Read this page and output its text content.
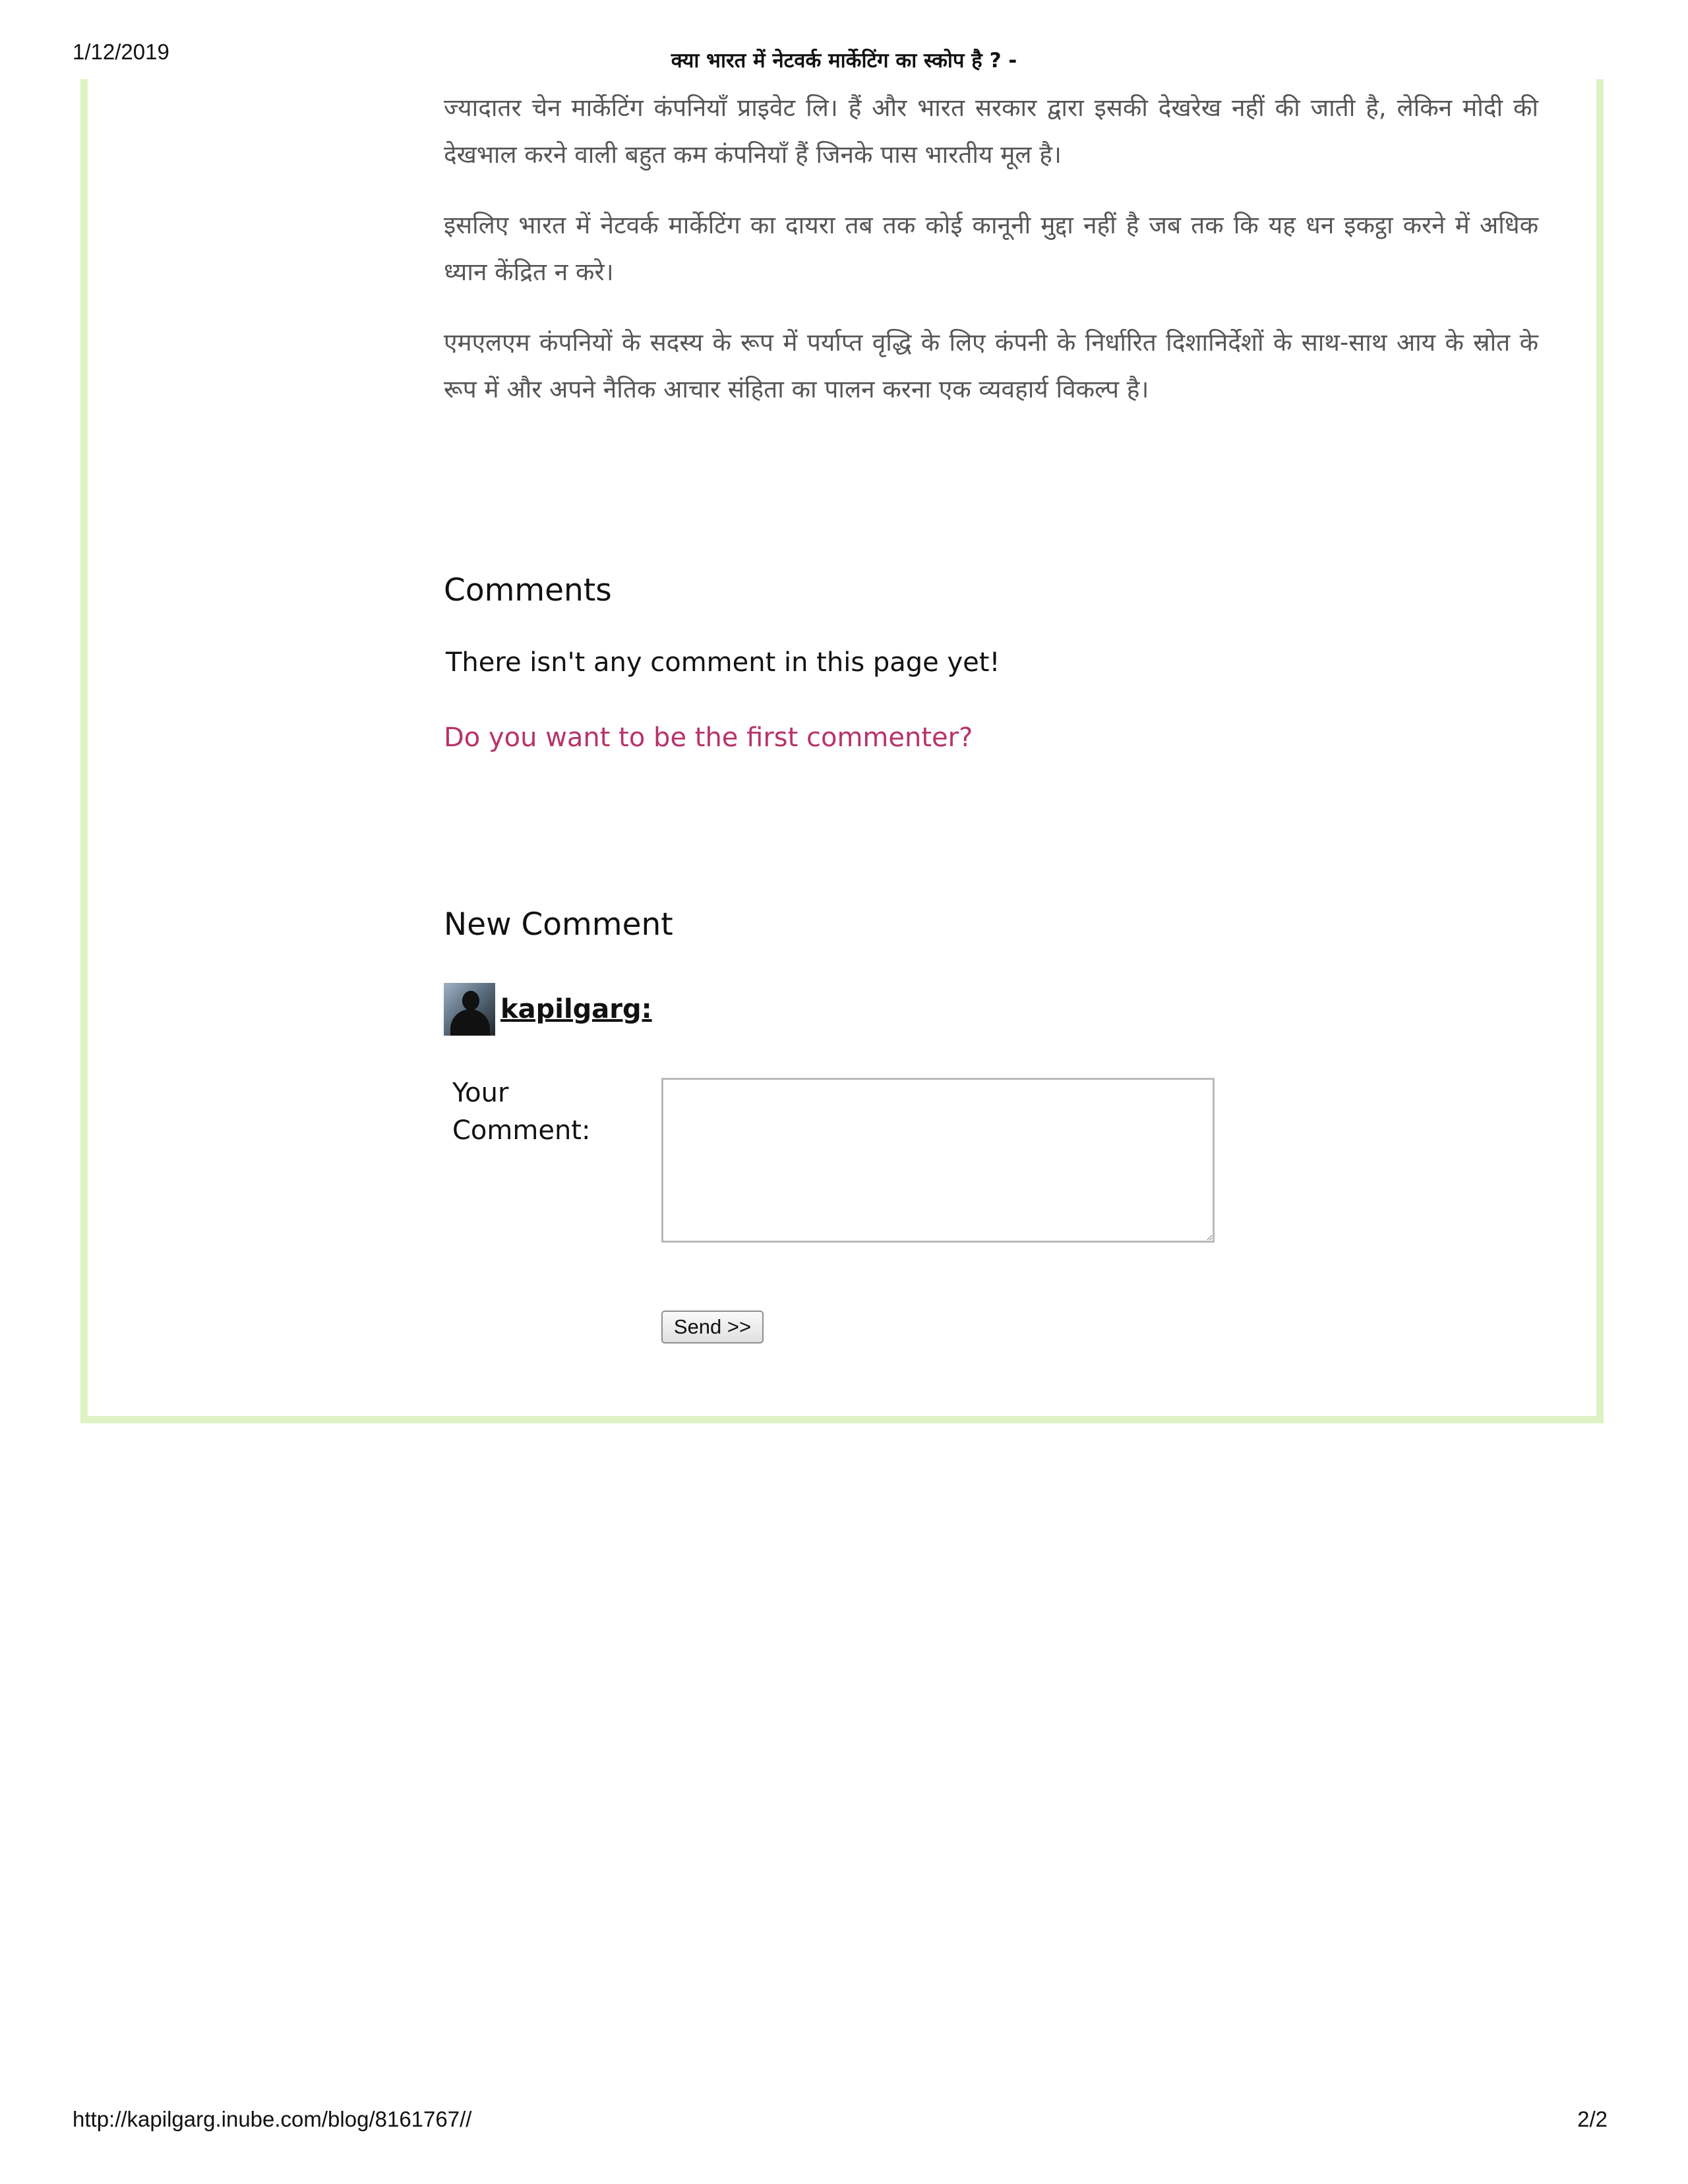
1/12/2019	क्या भारत में नेटवर्क मार्केटिंग का स्कोप है ? -

ज्यादातर चेन मार्केटिंग कंपनियाँ प्राइवेट लि। हैं और भारत सरकार द्वारा इसकी देखरेख नहीं की जाती है, लेकिन मोदी की देखभाल करने वाली बहुत कम कंपनियाँ हैं जिनके पास भारतीय मूल है।

इसलिए भारत में नेटवर्क मार्केटिंग का दायरा तब तक कोई कानूनी मुद्दा नहीं है जब तक कि यह धन इकट्ठा करने में अधिक ध्यान केंद्रित न करे।

एमएलएम कंपनियों के सदस्य के रूप में पर्याप्त वृद्धि के लिए कंपनी के निर्धारित दिशानिर्देशों के साथ-साथ आय के स्रोत के रूप में और अपने नैतिक आचार संहिता का पालन करना एक व्यवहार्य विकल्प है।

Comments
There isn't any comment in this page yet!
Do you want to be the first commenter?
New Comment
kapilgarg:
Your
Comment:
Send >>
http://kapilgarg.inube.com/blog/8161767//	2/2
